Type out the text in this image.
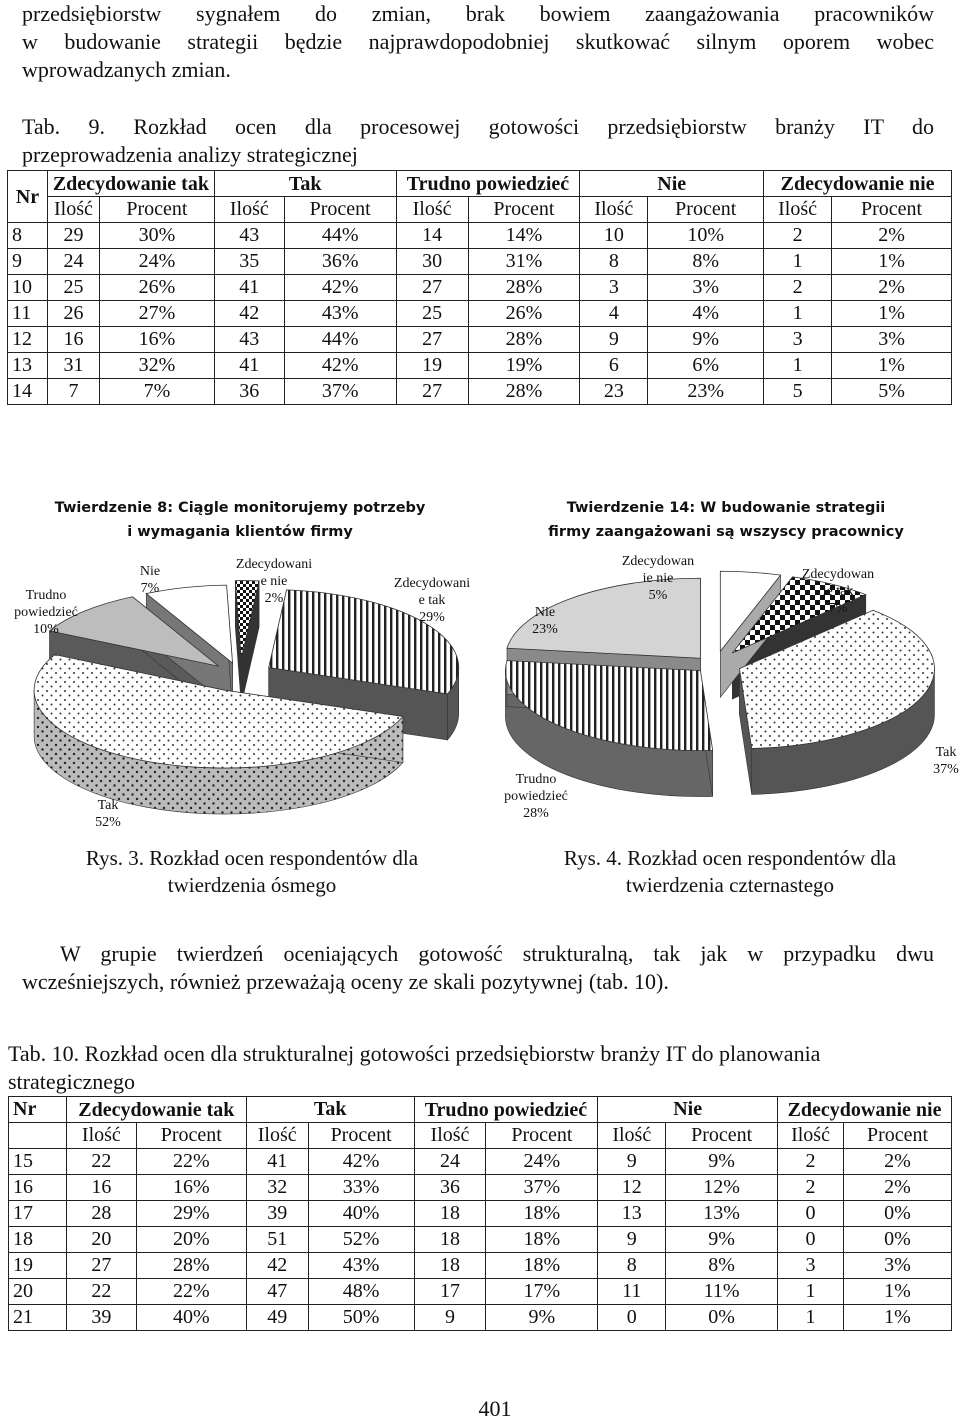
przedsiębiorstw sygnałem do zmian, brak bowiem zaangażowania pracowników
w budowanie strategii będzie najprawdopodobniej skutkować silnym oporem wobec
wprowadzanych zmian.
Tab. 9. Rozkład ocen dla procesowej gotowości przedsiębiorstw branży IT do
przeprowadzenia analizy strategicznej
Nr	Zdecydowanie tak		Tak		Trudno powiedzieć		Nie		Zdecydowanie nie	
	Ilość	Procent	Ilość	Procent	Ilość	Procent	Ilość	Procent	Ilość	Procent
8	29	30%	43	44%	14	14%	10	10%	2	2%
9	24	24%	35	36%	30	31%	8	8%	1	1%
10	25	26%	41	42%	27	28%	3	3%	2	2%
11	26	27%	42	43%	25	26%	4	4%	1	1%
12	16	16%	43	44%	27	28%	9	9%	3	3%
13	31	32%	41	42%	19	19%	6	6%	1	1%
14	7	7%	36	37%	27	28%	23	23%	5	5%
Twierdzenie 8: Ciągle monitorujemy potrzeby
i wymagania klientów firmy
Zdecydowani
e tak
29%
Tak
52%
Trudno
powiedzieć
10%
Nie
7%
Zdecydowani
e nie
2%
Twierdzenie 14: W budowanie strategii
firmy zaangażowani są wszyscy pracownicy
Zdecydowan
ie nie
5%
Zdecydowan
ie tak
7%
Nie
23%
Tak
37%
Trudno
powiedzieć
28%
Rys. 3. Rozkład ocen respondentów dla
twierdzenia ósmego
Rys. 4. Rozkład ocen respondentów dla
twierdzenia czternastego
W grupie twierdzeń oceniających gotowość strukturalną, tak jak w przypadku dwu
wcześniejszych, również przeważają oceny ze skali pozytywnej (tab. 10).
Tab. 10. Rozkład ocen dla strukturalnej gotowości przedsiębiorstw branży IT do planowania
strategicznego
Nr	Zdecydowanie tak		Tak		Trudno powiedzieć		Nie		Zdecydowanie nie	
	Ilość	Procent	Ilość	Procent	Ilość	Procent	Ilość	Procent	Ilość	Procent
15	22	22%	41	42%	24	24%	9	9%	2	2%
16	16	16%	32	33%	36	37%	12	12%	2	2%
17	28	29%	39	40%	18	18%	13	13%	0	0%
18	20	20%	51	52%	18	18%	9	9%	0	0%
19	27	28%	42	43%	18	18%	8	8%	3	3%
20	22	22%	47	48%	17	17%	11	11%	1	1%
21	39	40%	49	50%	9	9%	0	0%	1	1%
401
